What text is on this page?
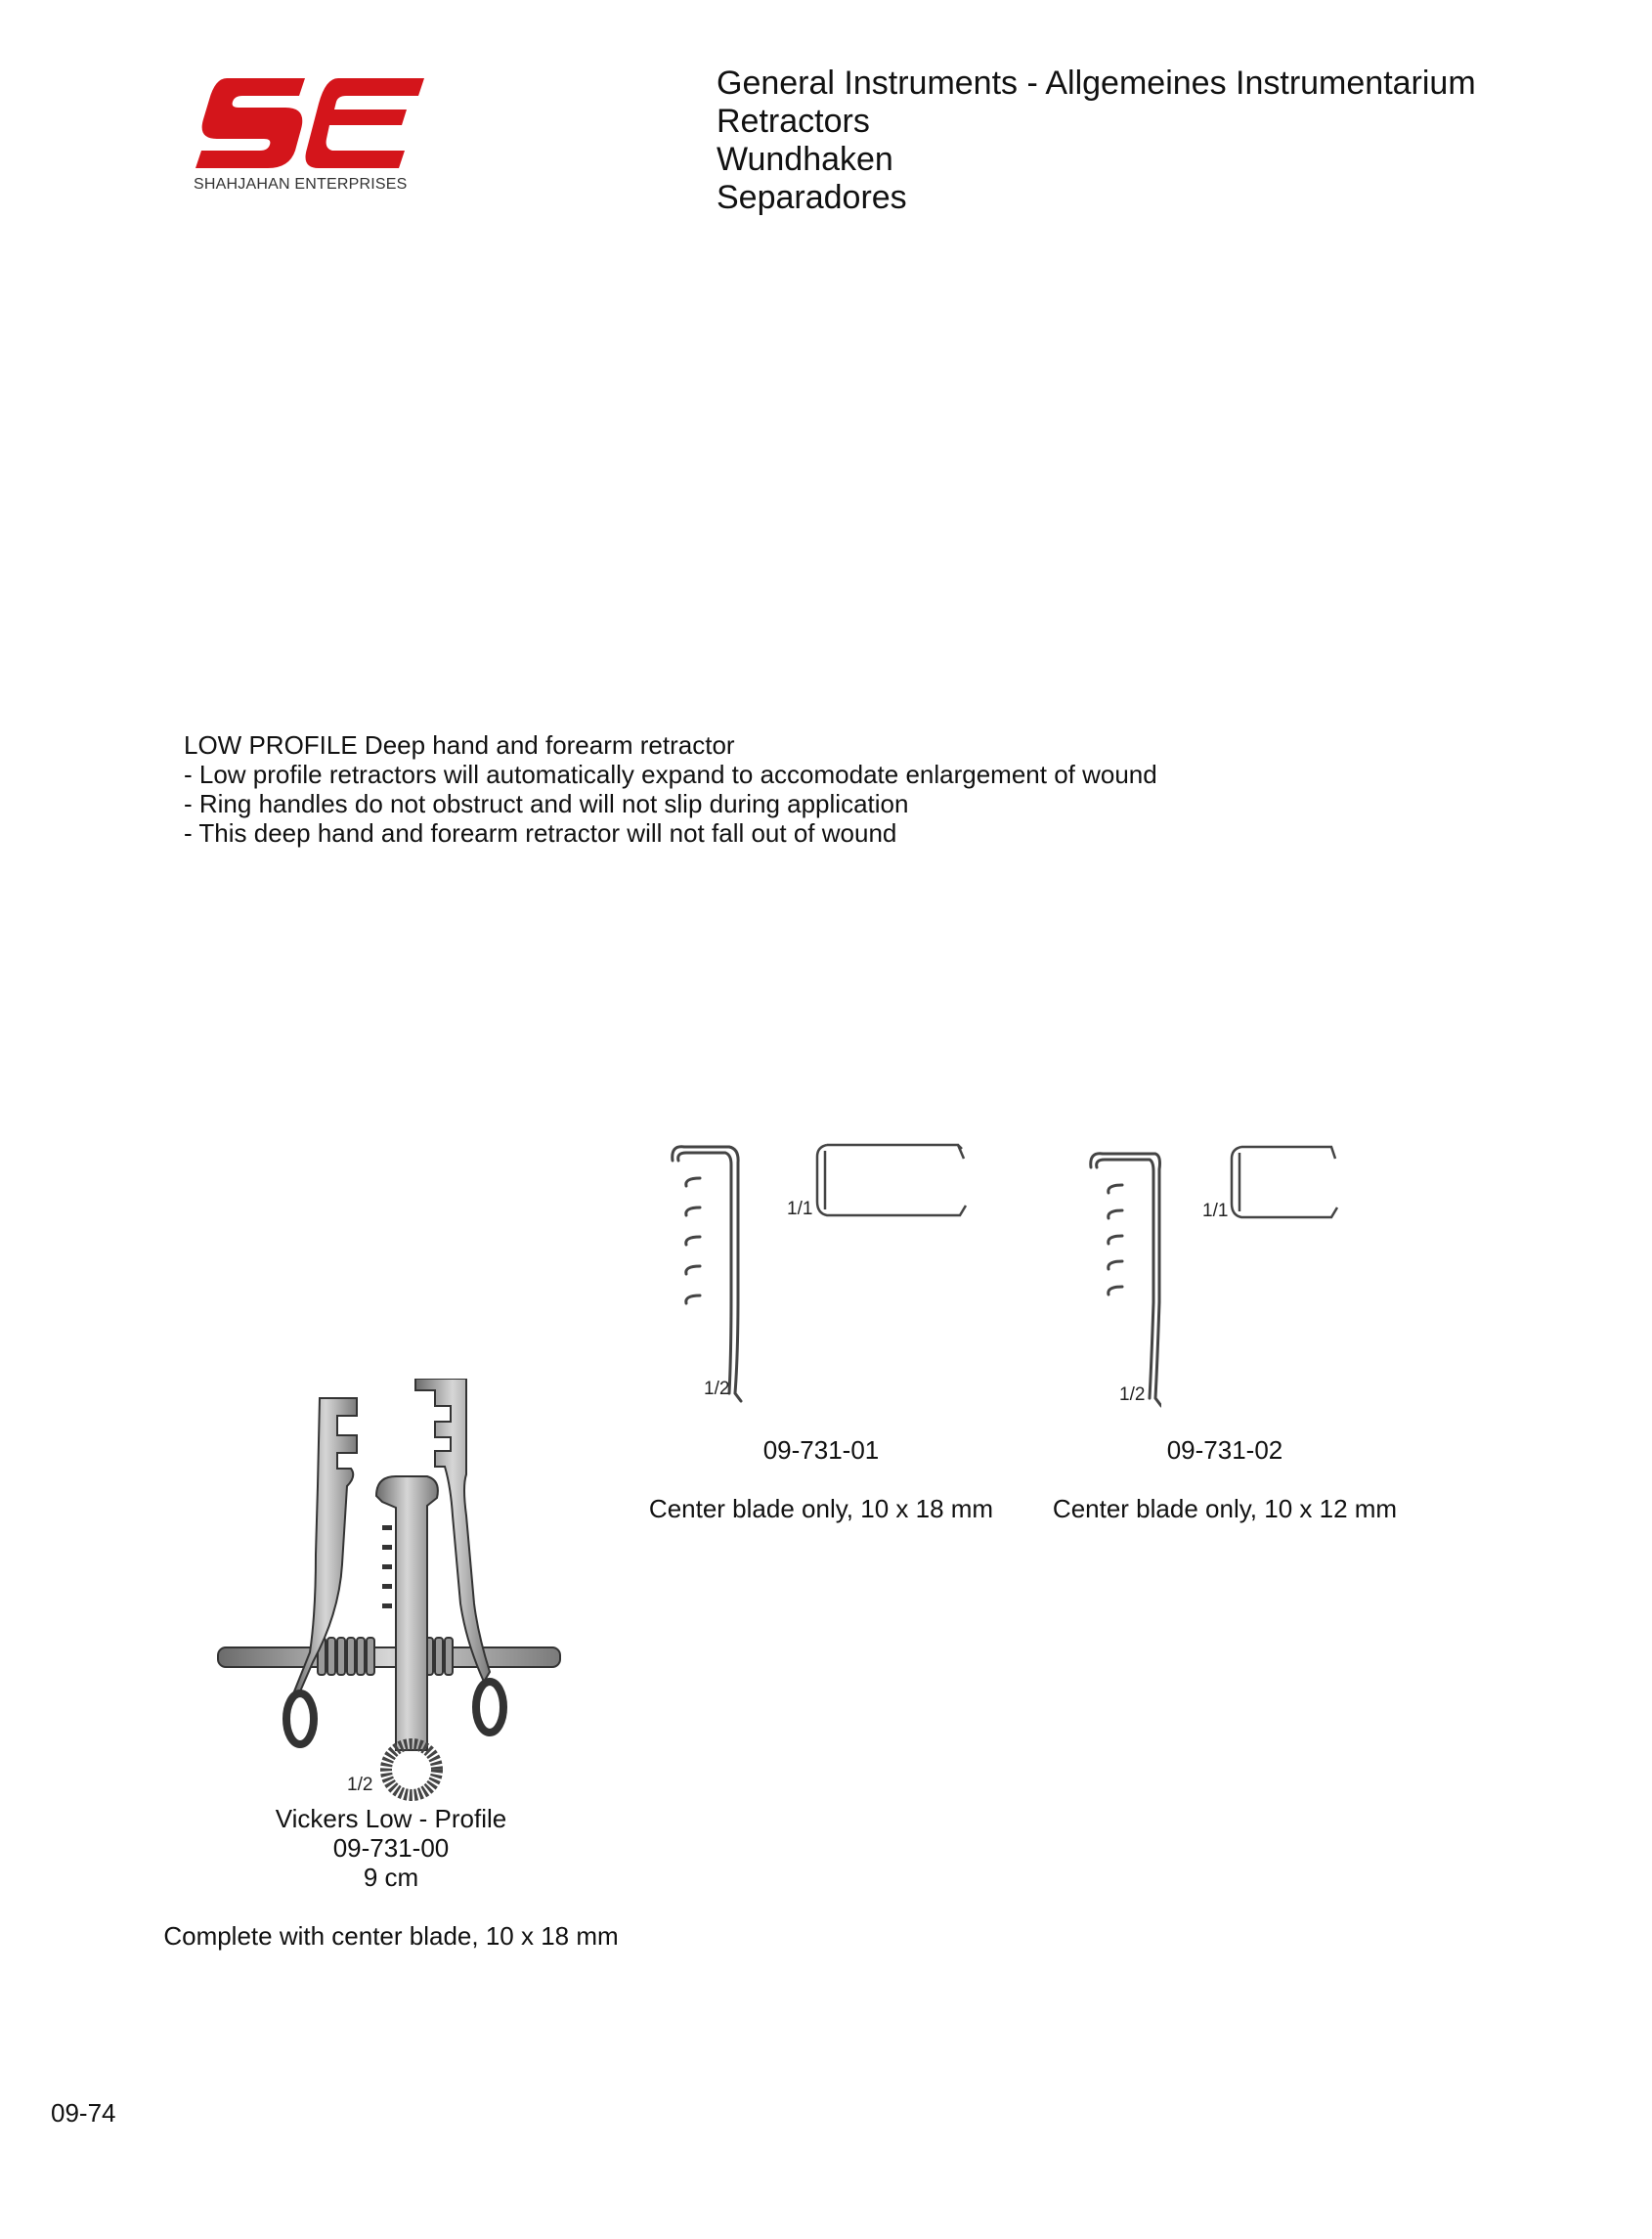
SHAHJAHAN ENTERPRISES
General Instruments - Allgemeines Instrumentarium
Retractors
Wundhaken
Separadores
LOW PROFILE Deep hand and forearm retractor
- Low profile retractors will automatically expand to accomodate enlargement of wound
- Ring handles do not obstruct and will not slip during application
- This deep hand and forearm retractor will not fall out of wound
1/1
1/2
1/1
1/2
09-731-01
Center blade only, 10 x 18 mm
09-731-02
Center blade only, 10 x 12 mm
1/2
Vickers Low - Profile
09-731-00
9 cm
Complete with center blade, 10 x 18 mm
09-74
